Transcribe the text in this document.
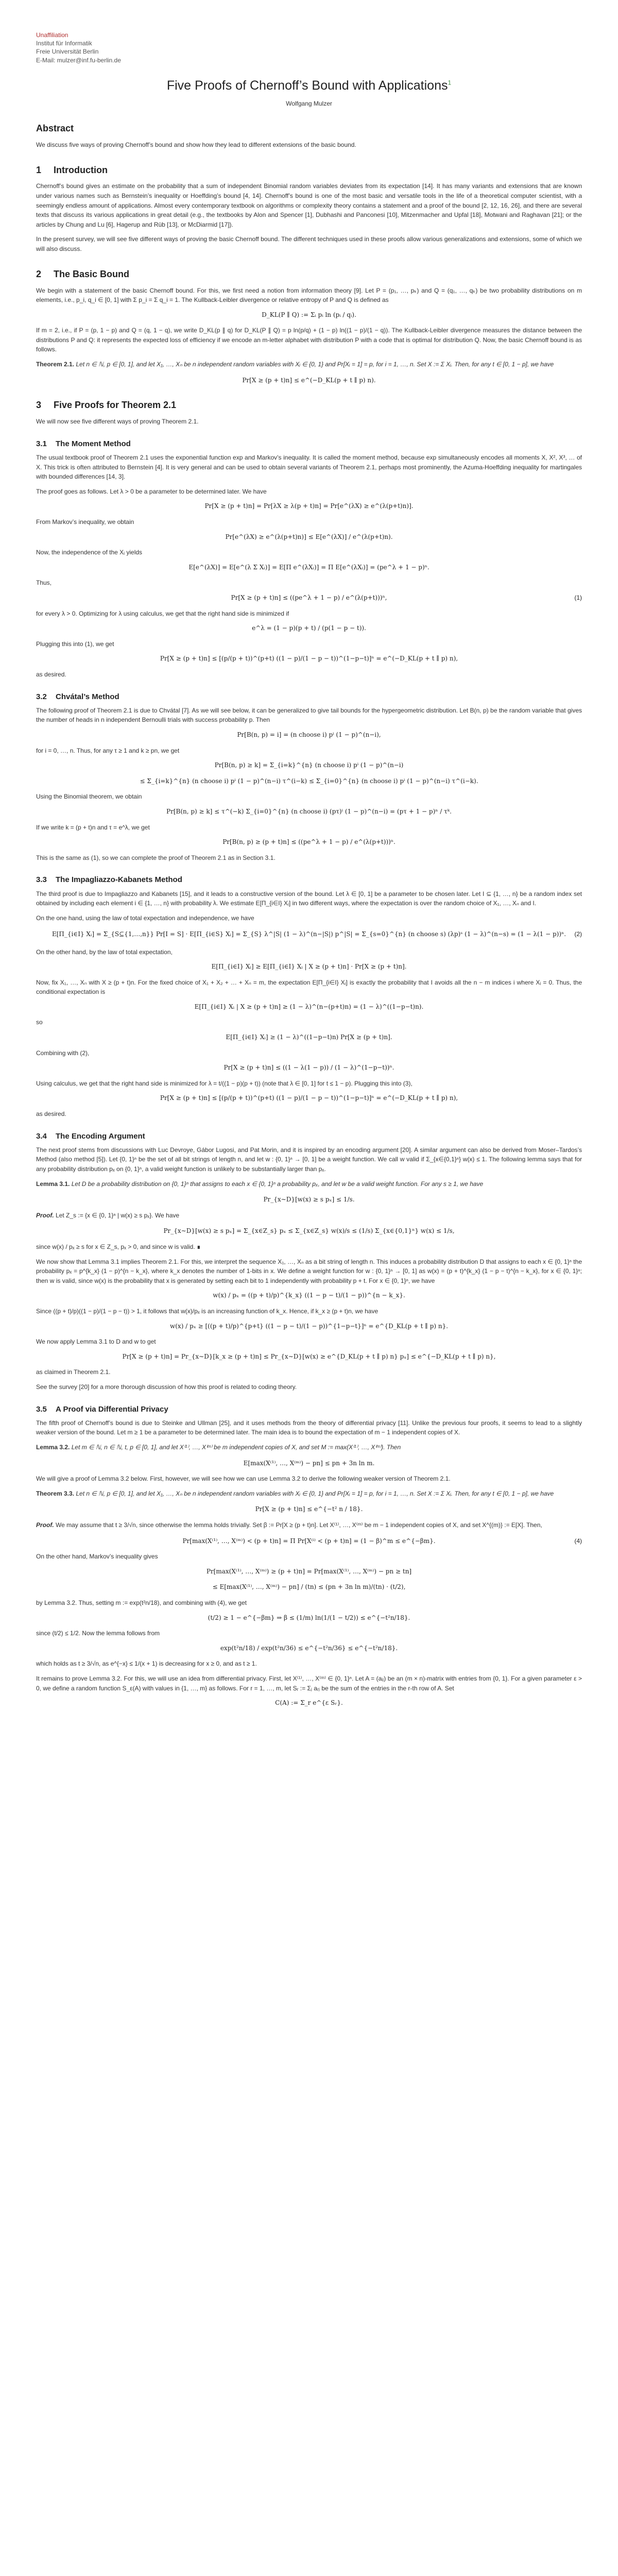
Unaffiliation
Institut für Informatik
Freie Universität Berlin
E-Mail: mulzer@inf.fu-berlin.de
Five Proofs of Chernoff’s Bound with Applications$^1$
Wolfgang Mulzer
Abstract

We discuss five ways of proving Chernoff’s bound and show how they lead to different extensions of the basic bound.

1 Introduction

Chernoff’s bound gives an estimate on the probability that a sum of independent Binomial random variables deviates from its expectation [14]. It has many variants and extensions that are known under various names such as Bernstein’s inequality or Hoeffding’s bound [4, 14]. Chernoff’s bound is one of the most basic and versatile tools in the life of a theoretical computer scientist, with a seemingly endless amount of applications. Almost every contemporary textbook on algorithms or complexity theory contains a statement and a proof of the bound [2, 12, 16, 26], and there are several texts that discuss its various applications in great detail (e.g., the textbooks by Alon and Spencer [1], Dubhashi and Panconesi [10], Mitzenmacher and Upfal [18], Motwani and Raghavan [21]; or the articles by Chung and Lu [6], Hagerup and Rüb [13], or McDiarmid [17]).

In the present survey, we will see five different ways of proving the basic Chernoff bound. The different techniques used in these proofs allow various generalizations and extensions, some of which we will also discuss.

2 The Basic Bound

We begin with a statement of the basic Chernoff bound. For this, we first need a notion from information theory [9]. Let P = (p₁, …, pₖ) and Q = (q₁, …, qₖ) be two probability distributions on m elements, i.e., p_i, q_i ∈ [0, 1] with Σ p_i = Σ q_i = 1. The Kullback-Leibler divergence or relative entropy of P and Q is defined as

D_KL(P ∥ Q) := Σᵢ pᵢ ln (pᵢ / qᵢ).

If m = 2, i.e., if P = (p, 1 − p) and Q = (q, 1 − q), we write D_KL(p ∥ q) for D_KL(P ∥ Q) = p ln(p/q) + (1 − p) ln((1 − p)/(1 − q)). The Kullback-Leibler divergence measures the distance between the distributions P and Q: it represents the expected loss of efficiency if we encode an m-letter alphabet with distribution P with a code that is optimal for distribution Q. Now, the basic Chernoff bound is as follows.

Theorem 2.1. Let n ∈ ℕ, p ∈ [0, 1], and let X₁, …, Xₙ be n independent random variables with Xᵢ ∈ {0, 1} and Pr[Xᵢ = 1] = p, for i = 1, …, n. Set X := Σ Xᵢ. Then, for any t ∈ [0, 1 − p], we have
Pr[X ≥ (p + t)n] ≤ e^(−D_KL(p + t ∥ p) n).
3 Five Proofs for Theorem 2.1

We will now see five different ways of proving Theorem 2.1.

3.1 The Moment Method

The usual textbook proof of Theorem 2.1 uses the exponential function exp and Markov’s inequality. It is called the moment method, because exp simultaneously encodes all moments X, X², X³, … of X. This trick is often attributed to Bernstein [4]. It is very general and can be used to obtain several variants of Theorem 2.1, perhaps most prominently, the Azuma-Hoeffding inequality for martingales with bounded differences [14, 3].

The proof goes as follows. Let λ > 0 be a parameter to be determined later. We have

Pr[X ≥ (p + t)n] = Pr[λX ≥ λ(p + t)n] = Pr[e^(λX) ≥ e^(λ(p+t)n)].

From Markov’s inequality, we obtain

Pr[e^(λX) ≥ e^(λ(p+t)n)] ≤ E[e^(λX)] / e^(λ(p+t)n).

Now, the independence of the Xᵢ yields

E[e^(λX)] = E[e^(λ Σ Xᵢ)] = E[Π e^(λXᵢ)] = Π E[e^(λXᵢ)] = (pe^λ + 1 − p)ⁿ.

Thus,

Pr[X ≥ (p + t)n] ≤ ((pe^λ + 1 − p) / e^(λ(p+t)))ⁿ,	(1)

for every λ > 0. Optimizing for λ using calculus, we get that the right hand side is minimized if

e^λ = (1 − p)(p + t) / (p(1 − p − t)).

Plugging this into (1), we get

Pr[X ≥ (p + t)n] ≤ [(p/(p + t))^(p+t) ((1 − p)/(1 − p − t))^(1−p−t)]ⁿ = e^(−D_KL(p + t ∥ p) n),

as desired.

3.2 Chvátal’s Method

The following proof of Theorem 2.1 is due to Chvátal [7]. As we will see below, it can be generalized to give tail bounds for the hypergeometric distribution. Let B(n, p) be the random variable that gives the number of heads in n independent Bernoulli trials with success probability p. Then

Pr[B(n, p) = i] = (n choose i) pⁱ (1 − p)^(n−i),

for i = 0, …, n. Thus, for any τ ≥ 1 and k ≥ pn, we get

Pr[B(n, p) ≥ k] = Σ_{i=k}^{n} (n choose i) pⁱ (1 − p)^(n−i)
≤ Σ_{i=k}^{n} (n choose i) pⁱ (1 − p)^(n−i) τ^(i−k) ≤ Σ_{i=0}^{n} (n choose i) pⁱ (1 − p)^(n−i) τ^(i−k).

Using the Binomial theorem, we obtain

Pr[B(n, p) ≥ k] ≤ τ^(−k) Σ_{i=0}^{n} (n choose i) (pτ)ⁱ (1 − p)^(n−i) = (pτ + 1 − p)ⁿ / τᵏ.

If we write k = (p + t)n and τ = e^λ, we get

Pr[B(n, p) ≥ (p + t)n] ≤ ((pe^λ + 1 − p) / e^(λ(p+t)))ⁿ.

This is the same as (1), so we can complete the proof of Theorem 2.1 as in Section 3.1.

3.3 The Impagliazzo-Kabanets Method

The third proof is due to Impagliazzo and Kabanets [15], and it leads to a constructive version of the bound. Let λ ∈ [0, 1] be a parameter to be chosen later. Let I ⊆ {1, …, n} be a random index set obtained by including each element i ∈ {1, …, n} with probability λ. We estimate E[Π_{i∈I} Xᵢ] in two different ways, where the expectation is over the random choice of X₁, …, Xₙ and I.

On the one hand, using the law of total expectation and independence, we have

E[Π_{i∈I} Xᵢ] = Σ_{S⊆{1,…,n}} Pr[I = S] · E[Π_{i∈S} Xᵢ] = Σ_{S} λ^|S| (1 − λ)^(n−|S|) p^|S| = Σ_{s=0}^{n} (n choose s) (λp)ˢ (1 − λ)^(n−s) = (1 − λ(1 − p))ⁿ. (2)

On the other hand, by the law of total expectation,

E[Π_{i∈I} Xᵢ] ≥ E[Π_{i∈I} Xᵢ | X ≥ (p + t)n] · Pr[X ≥ (p + t)n].

Now, fix X₁, …, Xₙ with X ≥ (p + t)n. For the fixed choice of X₁ + X₂ + … + Xₙ = m, the expectation E[Π_{i∈I} Xᵢ] is exactly the probability that I avoids all the n − m indices i where Xᵢ = 0. Thus, the conditional expectation is

E[Π_{i∈I} Xᵢ | X ≥ (p + t)n] ≥ (1 − λ)^(n−(p+t)n) = (1 − λ)^((1−p−t)n).

so

E[Π_{i∈I} Xᵢ] ≥ (1 − λ)^((1−p−t)n) Pr[X ≥ (p + t)n].

Combining with (2),

Pr[X ≥ (p + t)n] ≤ ((1 − λ(1 − p)) / (1 − λ)^(1−p−t))ⁿ.

Using calculus, we get that the right hand side is minimized for λ = t/((1 − p)(p + t)) (note that λ ∈ [0, 1] for t ≤ 1 − p). Plugging this into (3),

Pr[X ≥ (p + t)n] ≤ [(p/(p + t))^(p+t) ((1 − p)/(1 − p − t))^(1−p−t)]ⁿ = e^(−D_KL(p + t ∥ p) n),

as desired.

3.4 The Encoding Argument

The next proof stems from discussions with Luc Devroye, Gábor Lugosi, and Pat Morin, and it is inspired by an encoding argument [20]. A similar argument can also be derived from Moser–Tardos’s Method (also method [5]). Let {0, 1}ⁿ be the set of all bit strings of length n, and let w : {0, 1}ⁿ → [0, 1] be a weight function. We call w valid if Σ_{x∈{0,1}ⁿ} w(x) ≤ 1. The following lemma says that for any probability distribution pₓ on {0, 1}ⁿ, a valid weight function is unlikely to be substantially larger than pₓ.

Lemma 3.1. Let D be a probability distribution on {0, 1}ⁿ that assigns to each x ∈ {0, 1}ⁿ a probability pₓ, and let w be a valid weight function. For any s ≥ 1, we have
Pr_{x∼D}[w(x) ≥ s pₓ] ≤ 1/s.
Proof. Let Z_s := {x ∈ {0, 1}ⁿ | w(x) ≥ s pₓ}. We have
Pr_{x∼D}[w(x) ≥ s pₓ] = Σ_{x∈Z_s} pₓ ≤ Σ_{x∈Z_s} w(x)/s ≤ (1/s) Σ_{x∈{0,1}ⁿ} w(x) ≤ 1/s,

since w(x) / pₓ ≥ s for x ∈ Z_s, pₓ > 0, and since w is valid. ∎

We now show that Lemma 3.1 implies Theorem 2.1. For this, we interpret the sequence X₁, …, Xₙ as a bit string of length n. This induces a probability distribution D that assigns to each x ∈ {0, 1}ⁿ the probability pₓ = p^{k_x} (1 − p)^{n − k_x}, where k_x denotes the number of 1-bits in x. We define a weight function for w : {0, 1}ⁿ → [0, 1] as w(x) = (p + t)^{k_x} (1 − p − t)^{n − k_x}, for x ∈ {0, 1}ⁿ; then w is valid, since w(x) is the probability that x is generated by setting each bit to 1 independently with probability p + t. For x ∈ {0, 1}ⁿ, we have

w(x) / pₓ = ((p + t)/p)^{k_x} ((1 − p − t)/(1 − p))^{n − k_x}.

Since ((p + t)/p)((1 − p)/(1 − p − t)) > 1, it follows that w(x)/pₓ is an increasing function of k_x. Hence, if k_x ≥ (p + t)n, we have

w(x) / pₓ ≥ [((p + t)/p)^{p+t} ((1 − p − t)/(1 − p))^{1−p−t}]ⁿ = e^{D_KL(p + t ∥ p) n}.

We now apply Lemma 3.1 to D and w to get

Pr[X ≥ (p + t)n] = Pr_{x∼D}[k_x ≥ (p + t)n] ≤ Pr_{x∼D}[w(x) ≥ e^{D_KL(p + t ∥ p) n} pₓ] ≤ e^{−D_KL(p + t ∥ p) n},

as claimed in Theorem 2.1.

See the survey [20] for a more thorough discussion of how this proof is related to coding theory.

3.5 A Proof via Differential Privacy

The fifth proof of Chernoff’s bound is due to Steinke and Ullman [25], and it uses methods from the theory of differential privacy [11]. Unlike the previous four proofs, it seems to lead to a slightly weaker version of the bound. Let m ≥ 1 be a parameter to be determined later. The main idea is to bound the expectation of m − 1 independent copies of X.

Lemma 3.2. Let m ∈ ℕ, n ∈ ℕ, t, p ∈ [0, 1], and let X⁽¹⁾, …, X⁽ᵐ⁾ be m independent copies of X, and set M := max(X⁽¹⁾, …, X⁽ᵐ⁾). Then
E[max(X⁽¹⁾, …, X⁽ᵐ⁾) − pn] ≤ pn + 3n ln m.

We will give a proof of Lemma 3.2 below. First, however, we will see how we can use Lemma 3.2 to derive the following weaker version of Theorem 2.1.

Theorem 3.3. Let n ∈ ℕ, p ∈ [0, 1], and let X₁, …, Xₙ be n independent random variables with Xᵢ ∈ {0, 1} and Pr[Xᵢ = 1] = p, for i = 1, …, n. Set X := Σ Xᵢ. Then, for any t ∈ [0, 1 − p], we have
Pr[X ≥ (p + t)n] ≤ e^{−t² n / 18}.
Proof. We may assume that t ≥ 3/√n, since otherwise the lemma holds trivially. Set β := Pr[X ≥ (p + t)n]. Let X⁽¹⁾, …, X⁽ᵐ⁾ be m − 1 independent copies of X, and set X^{(m)} := E[X]. Then,
Pr[max(X⁽¹⁾, …, X⁽ᵐ⁾) < (p + t)n] = Π Pr[X⁽ⁱ⁾ < (p + t)n] = (1 − β)^m ≤ e^{−βm}.	(4)

On the other hand, Markov’s inequality gives

Pr[max(X⁽¹⁾, …, X⁽ᵐ⁾) ≥ (p + t)n] = Pr[max(X⁽¹⁾, …, X⁽ᵐ⁾) − pn ≥ tn]
≤ E[max(X⁽¹⁾, …, X⁽ᵐ⁾) − pn] / (tn) ≤ (pn + 3n ln m)/(tn) · (t/2),

by Lemma 3.2. Thus, setting m := exp(t²n/18), and combining with (4), we get

(t/2) ≥ 1 − e^{−βm} ⇒ β ≤ (1/m) ln(1/(1 − t/2)) ≤ e^{−t²n/18}.

since (t/2) ≤ 1/2. Now the lemma follows from

exp(t²n/18) / exp(t²n/36) ≤ e^{−t²n/36} ≤ e^{−t²n/18}.

which holds as t ≥ 3/√n, as e^{−x} ≤ 1/(x + 1) is decreasing for x ≥ 0, and as t ≥ 1.

It remains to prove Lemma 3.2. For this, we will use an idea from differential privacy. First, let X⁽¹⁾, …, X⁽ᵐ⁾ ∈ {0, 1}ⁿ. Let A = (aᵢⱼ) be an (m × n)-matrix with entries from {0, 1}. For a given parameter ε > 0, we define a random function S_ε(A) with values in {1, …, m} as follows. For r = 1, …, m, let Sᵣ := Σⱼ aᵣⱼ be the sum of the entries in the r-th row of A. Set

C(A) := Σ_r e^{ε Sᵣ}.
